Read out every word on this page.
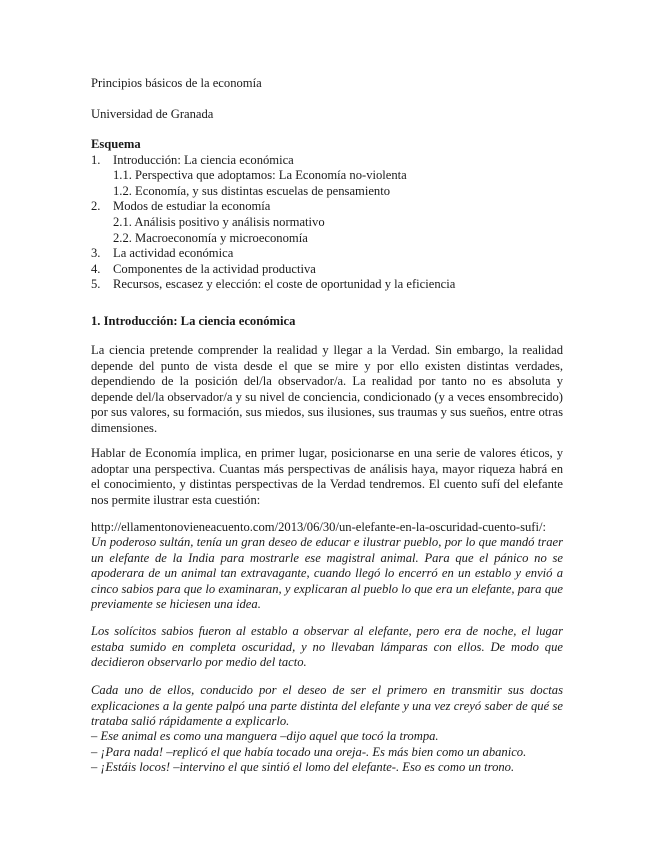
Principios básicos de la economía
Universidad de Granada
Esquema
1. Introducción: La ciencia económica
1.1. Perspectiva que adoptamos: La Economía no-violenta
1.2. Economía, y sus distintas escuelas de pensamiento
2. Modos de estudiar la economía
2.1. Análisis positivo y análisis normativo
2.2. Macroeconomía y microeconomía
3. La actividad económica
4. Componentes de la actividad productiva
5. Recursos, escasez y elección: el coste de oportunidad y la eficiencia
1. Introducción: La ciencia económica

La ciencia pretende comprender la realidad y llegar a la Verdad. Sin embargo, la realidad depende del punto de vista desde el que se mire y por ello existen distintas verdades, dependiendo de la posición del/la observador/a. La realidad por tanto no es absoluta y depende del/la observador/a y su nivel de conciencia, condicionado (y a veces ensombrecido) por sus valores, su formación, sus miedos, sus ilusiones, sus traumas y sus sueños, entre otras dimensiones.

Hablar de Economía implica, en primer lugar, posicionarse en una serie de valores éticos, y adoptar una perspectiva. Cuantas más perspectivas de análisis haya, mayor riqueza habrá en el conocimiento, y distintas perspectivas de la Verdad tendremos. El cuento sufí del elefante nos permite ilustrar esta cuestión:

http://ellamentonovieneacuento.com/2013/06/30/un-elefante-en-la-oscuridad-cuento-sufi/:

Un poderoso sultán, tenía un gran deseo de educar e ilustrar pueblo, por lo que mandó traer un elefante de la India para mostrarle ese magistral animal. Para que el pánico no se apoderara de un animal tan extravagante, cuando llegó lo encerró en un establo y envió a cinco sabios para que lo examinaran, y explicaran al pueblo lo que era un elefante, para que previamente se hiciesen una idea.

Los solícitos sabios fueron al establo a observar al elefante, pero era de noche, el lugar estaba sumido en completa oscuridad, y no llevaban lámparas con ellos. De modo que decidieron observarlo por medio del tacto.

Cada uno de ellos, conducido por el deseo de ser el primero en transmitir sus doctas explicaciones a la gente palpó una parte distinta del elefante y una vez creyó saber de qué se trataba salió rápidamente a explicarlo.

– Ese animal es como una manguera –dijo aquel que tocó la trompa.
– ¡Para nada! –replicó el que había tocado una oreja-. Es más bien como un abanico.
– ¡Estáis locos! –intervino el que sintió el lomo del elefante-. Eso es como un trono.
